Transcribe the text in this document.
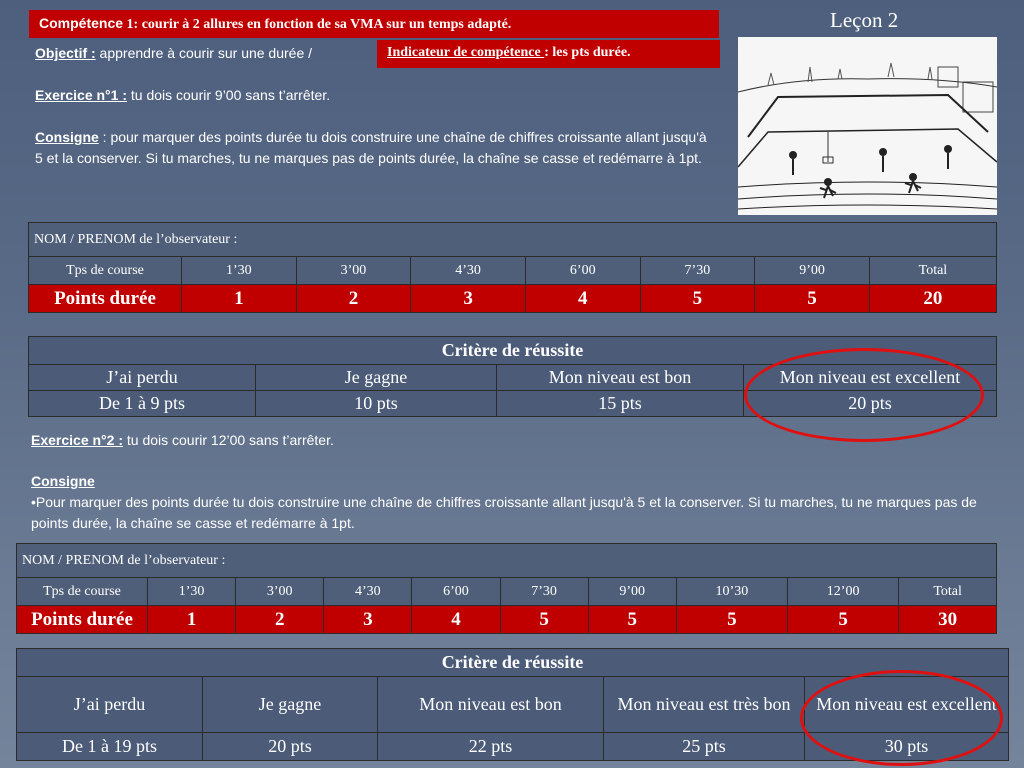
Compétence 1: courir à 2 allures en fonction de sa VMA sur un temps adapté.	Leçon 2
Objectif : apprendre à courir sur une durée /	Indicateur de compétence : les pts durée.
Exercice n°1 : tu dois courir 9’00 sans t’arrêter.
Consigne : pour marquer des points durée tu dois construire une chaîne de chiffres croissante allant jusqu'à 5 et la conserver. Si tu marches, tu ne marques pas de points durée, la chaîne se casse et redémarre à 1pt.
NOM / PRENOM de l’observateur :							
Tps de course	1’30	3’00	4’30	6’00	7’30	9’00	Total
Points durée	1	2	3	4	5	5	20
Critère de réussite			
J’ai perdu	Je gagne	Mon niveau est bon	Mon niveau est excellent
De 1 à 9 pts	10 pts	15 pts	20 pts
Exercice n°2 : tu dois courir 12’00 sans t’arrêter.
Consigne
•Pour marquer des points durée tu dois construire une chaîne de chiffres croissante allant jusqu'à 5 et la conserver. Si tu marches, tu ne marques pas de points durée, la chaîne se casse et redémarre à 1pt.
NOM / PRENOM de l’observateur :									
Tps de course	1’30	3’00	4’30	6’00	7’30	9’00	10’30	12’00	Total
Points durée	1	2	3	4	5	5	5	5	30
Critère de réussite				
J’ai perdu	Je gagne	Mon niveau est bon	Mon niveau est très bon	Mon niveau est excellent
De 1 à 19 pts	20 pts	22 pts	25 pts	30 pts
